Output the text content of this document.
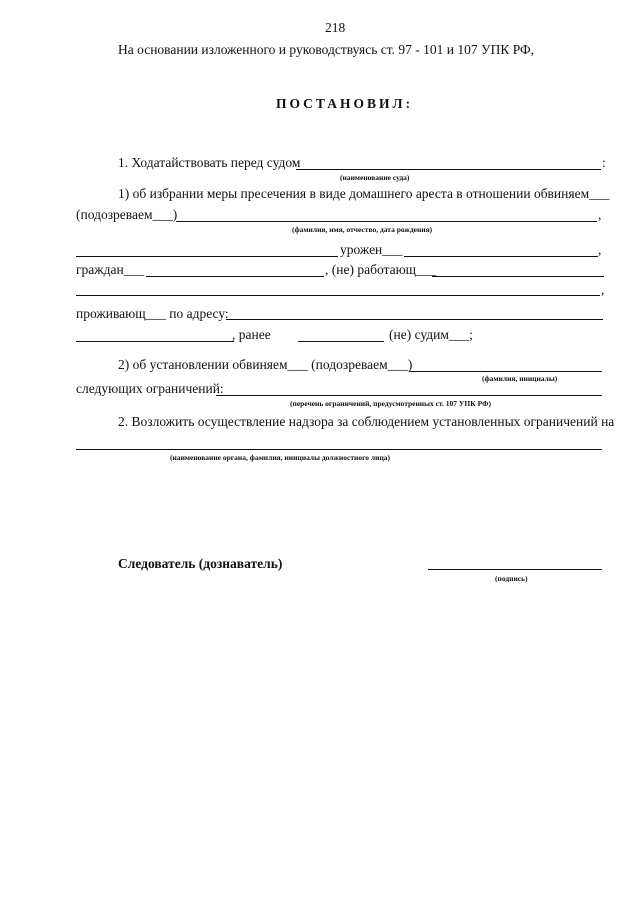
218
На основании изложенного и руководствуясь ст. 97 - 101 и 107 УПК РФ,
ПОСТАНОВИЛ:
1. Ходатайствовать перед судом	:
(наименование суда)
1) об избрании меры пресечения в виде домашнего ареста в отношении обвиняем___
(подозреваем___)	,
(фамилия, имя, отчество, дата рождения)
урожен___	,
граждан___	, (не) работающ___
,
проживающ___ по адресу:
, ранее	(не) судим___;
2) об установлении обвиняем___ (подозреваем___)
(фамилия, инициалы)
следующих ограничений:
(перечень ограничений, предусмотренных ст. 107 УПК РФ)
2. Возложить осуществление надзора за соблюдением установленных ограничений на
(наименование органа, фамилия, инициалы должностного лица)
Следователь (дознаватель)
(подпись)
